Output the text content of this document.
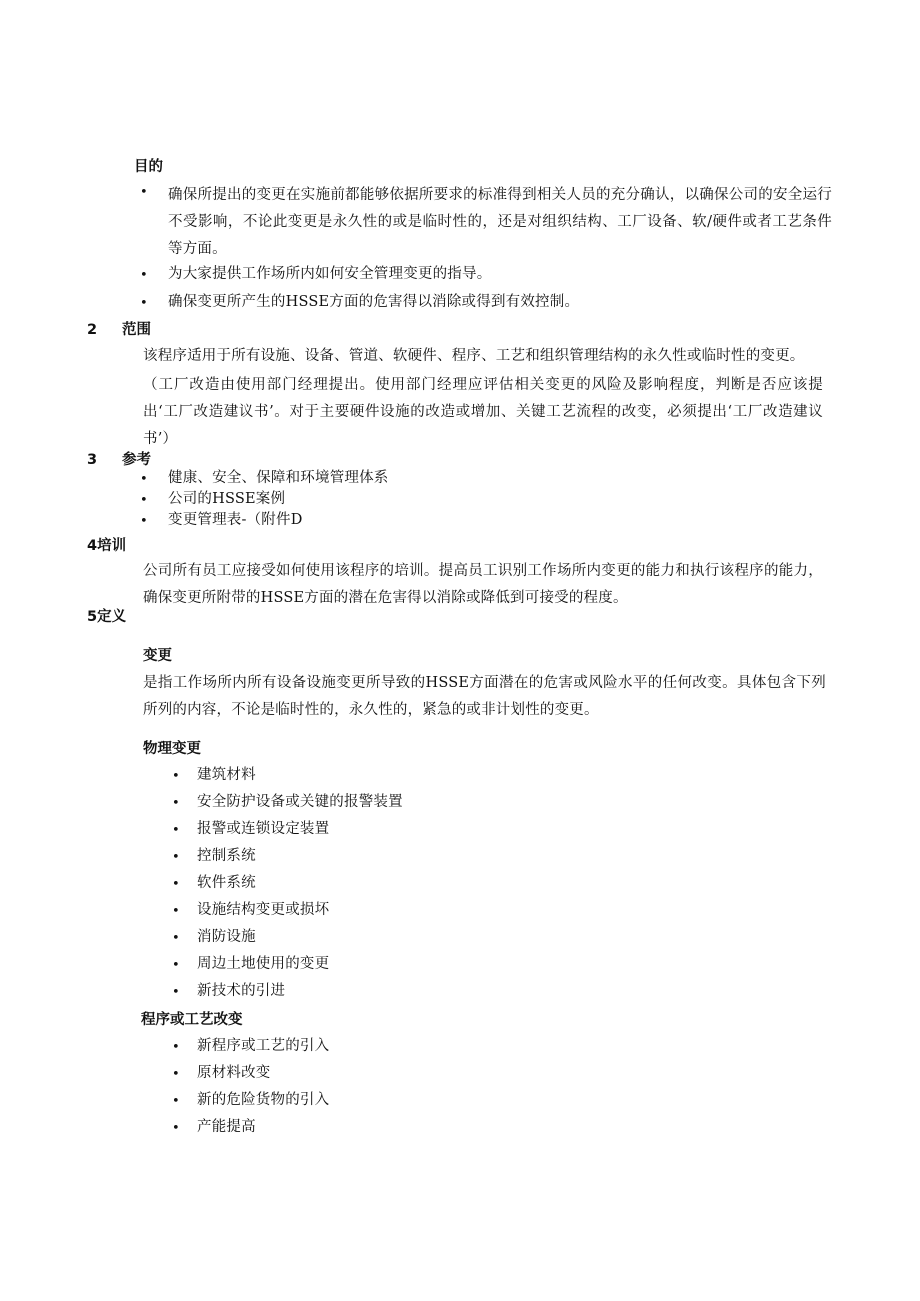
目的
• 确保所提出的变更在实施前都能够依据所要求的标准得到相关人员的充分确认，以确保公司的安全运行不受影响，不论此变更是永久性的或是临时性的，还是对组织结构、工厂设备、软/硬件或者工艺条件等方面。
• 为大家提供工作场所内如何安全管理变更的指导。
• 确保变更所产生的HSSE方面的危害得以消除或得到有效控制。
2 范围
该程序适用于所有设施、设备、管道、软硬件、程序、工艺和组织管理结构的永久性或临时性的变更。
（工厂改造由使用部门经理提出。使用部门经理应评估相关变更的风险及影响程度，判断是否应该提出‘工厂改造建议书’。对于主要硬件设施的改造或增加、关键工艺流程的改变，必须提出‘工厂改造建议书’）
3 参考
• 健康、安全、保障和环境管理体系
• 公司的HSSE案例
• 变更管理表-（附件D
4培训
公司所有员工应接受如何使用该程序的培训。提高员工识别工作场所内变更的能力和执行该程序的能力，确保变更所附带的HSSE方面的潜在危害得以消除或降低到可接受的程度。
5定义
变更
是指工作场所内所有设备设施变更所导致的HSSE方面潜在的危害或风险水平的任何改变。具体包含下列所列的内容，不论是临时性的，永久性的，紧急的或非计划性的变更。
物理变更
• 建筑材料
• 安全防护设备或关键的报警装置
• 报警或连锁设定装置
• 控制系统
• 软件系统
• 设施结构变更或损坏
• 消防设施
• 周边土地使用的变更
• 新技术的引进
程序或工艺改变
• 新程序或工艺的引入
• 原材料改变
• 新的危险货物的引入
• 产能提高
